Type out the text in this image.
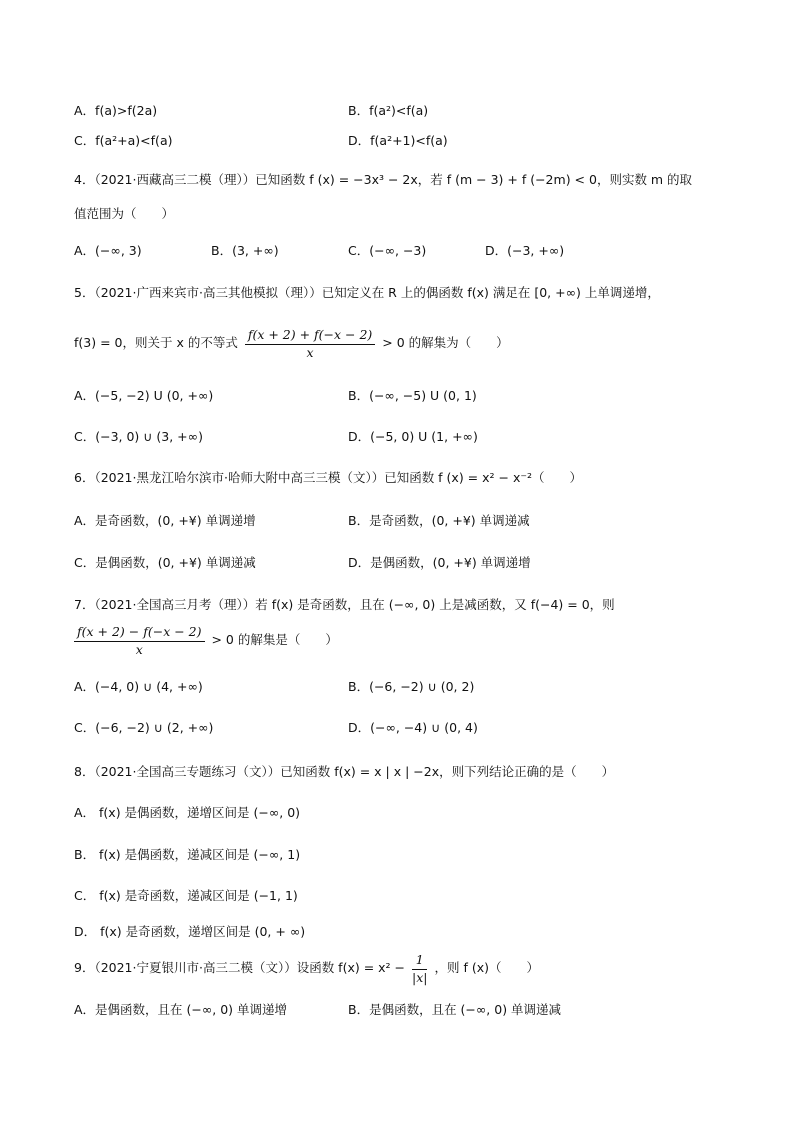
A．f(a)>f(2a)	B．f(a²)<f(a)
C．f(a²+a)<f(a)	D．f(a²+1)<f(a)
4．（2021·西藏高三二模（理））已知函数 f (x) = −3x³ − 2x，若 f (m − 3) + f (−2m) < 0，则实数 m 的取
值范围为（　　）
A．(−∞, 3)	B．(3, +∞)	C．(−∞, −3)	D．(−3, +∞)
5．（2021·广西来宾市·高三其他模拟（理））已知定义在 R 上的偶函数 f(x) 满足在 [0, +∞) 上单调递增，
f(3) = 0，则关于 x 的不等式 $\frac{f(x + 2) + f(-x - 2)}{x} > 0$ 的解集为（　　）
A．(−5, −2) U (0, +∞)	B．(−∞, −5) U (0, 1)
C．(−3, 0) ∪ (3, +∞)	D．(−5, 0) U (1, +∞)
6．（2021·黑龙江哈尔滨市·哈师大附中高三三模（文））已知函数 f (x) = x² − x⁻²（　　）
A．是奇函数，(0, +¥) 单调递增	B．是奇函数，(0, +¥) 单调递减
C．是偶函数，(0, +¥) 单调递减	D．是偶函数，(0, +¥) 单调递增
7．（2021·全国高三月考（理））若 f(x) 是奇函数，且在 (−∞, 0) 上是减函数，又 f(−4) = 0，则
$\frac{f(x + 2) - f(-x - 2)}{x} > 0$ 的解集是（　　）
A．(−4, 0) ∪ (4, +∞)	B．(−6, −2) ∪ (0, 2)
C．(−6, −2) ∪ (2, +∞)	D．(−∞, −4) ∪ (0, 4)
8．（2021·全国高三专题练习（文））已知函数 f(x) = x | x | −2x，则下列结论正确的是（　　）
A． f(x) 是偶函数，递增区间是 (−∞, 0)
B． f(x) 是偶函数，递减区间是 (−∞, 1)
C． f(x) 是奇函数，递减区间是 (−1, 1)
D． f(x) 是奇函数，递增区间是 (0, + ∞)
9．（2021·宁夏银川市·高三二模（文））设函数 $f(x) = x^2 - \frac{1}{|x|}$ ，则 f (x)（　　）
A．是偶函数，且在 (−∞, 0) 单调递增	B．是偶函数，且在 (−∞, 0) 单调递减
